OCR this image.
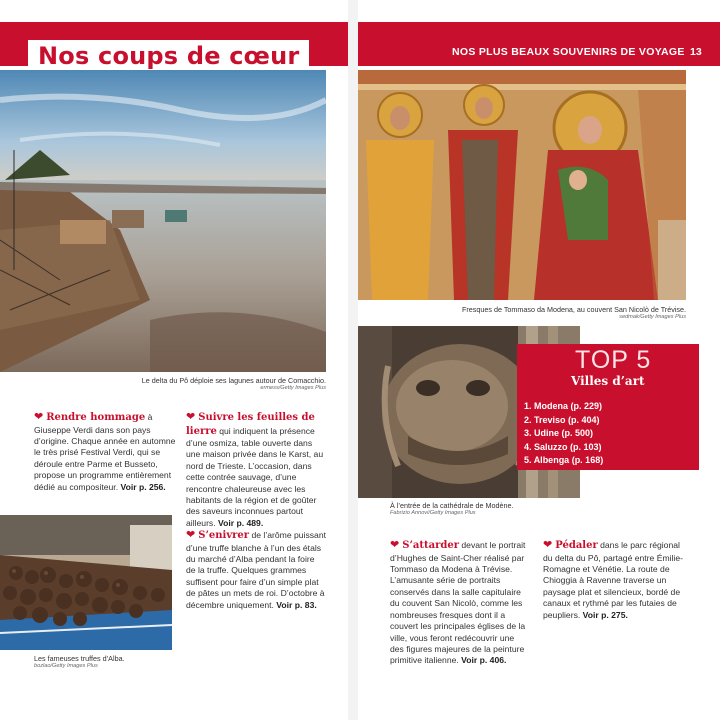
Nos coups de cœur	NOS PLUS BEAUX SOUVENIRS DE VOYAGE 13
Le delta du Pô déploie ses lagunes autour de Comacchio.
ermess/Getty Images Plus
Les fameuses truffes d’Alba.
bozlao/Getty Images Plus
Fresques de Tommaso da Modena, au couvent San Nicolò de Trévise.
sedmak/Getty Images Plus
À l’entrée de la cathédrale de Modène.
Fabrizio Annovi/Getty Images Plus
TOP 5
Villes d’art
1. Modena (p. 229)
2. Treviso (p. 404)
3. Udine (p. 500)
4. Saluzzo (p. 103)
5. Albenga (p. 168)
❤ Rendre hommage à Giuseppe Verdi dans son pays d’origine. Chaque année en automne le très prisé Festival Verdi, qui se déroule entre Parme et Busseto, propose un programme entièrement dédié au compositeur. Voir p. 256.
❤ Suivre les feuilles de lierre qui indiquent la présence d’une osmiza, table ouverte dans une maison privée dans le Karst, au nord de Trieste. L’occasion, dans cette contrée sauvage, d’une rencontre chaleureuse avec les habitants de la région et de goûter des saveurs inconnues partout ailleurs. Voir p. 489.
❤ S’enivrer de l’arôme puissant d’une truffe blanche à l’un des étals du marché d’Alba pendant la foire de la truffe. Quelques grammes suffisent pour faire d’un simple plat de pâtes un mets de roi. D’octobre à décembre uniquement. Voir p. 83.
❤ S’attarder devant le portrait d’Hughes de Saint-Cher réalisé par Tommaso da Modena à Trévise. L’amusante série de portraits conservés dans la salle capitulaire du couvent San Nicolò, comme les nombreuses fresques dont il a couvert les principales églises de la ville, vous feront redécouvrir une des figures majeures de la peinture primitive italienne. Voir p. 406.
❤ Pédaler dans le parc régional du delta du Pô, partagé entre Émilie-Romagne et Vénétie. La route de Chioggia à Ravenne traverse un paysage plat et silencieux, bordé de canaux et rythmé par les futaies de peupliers. Voir p. 275.
